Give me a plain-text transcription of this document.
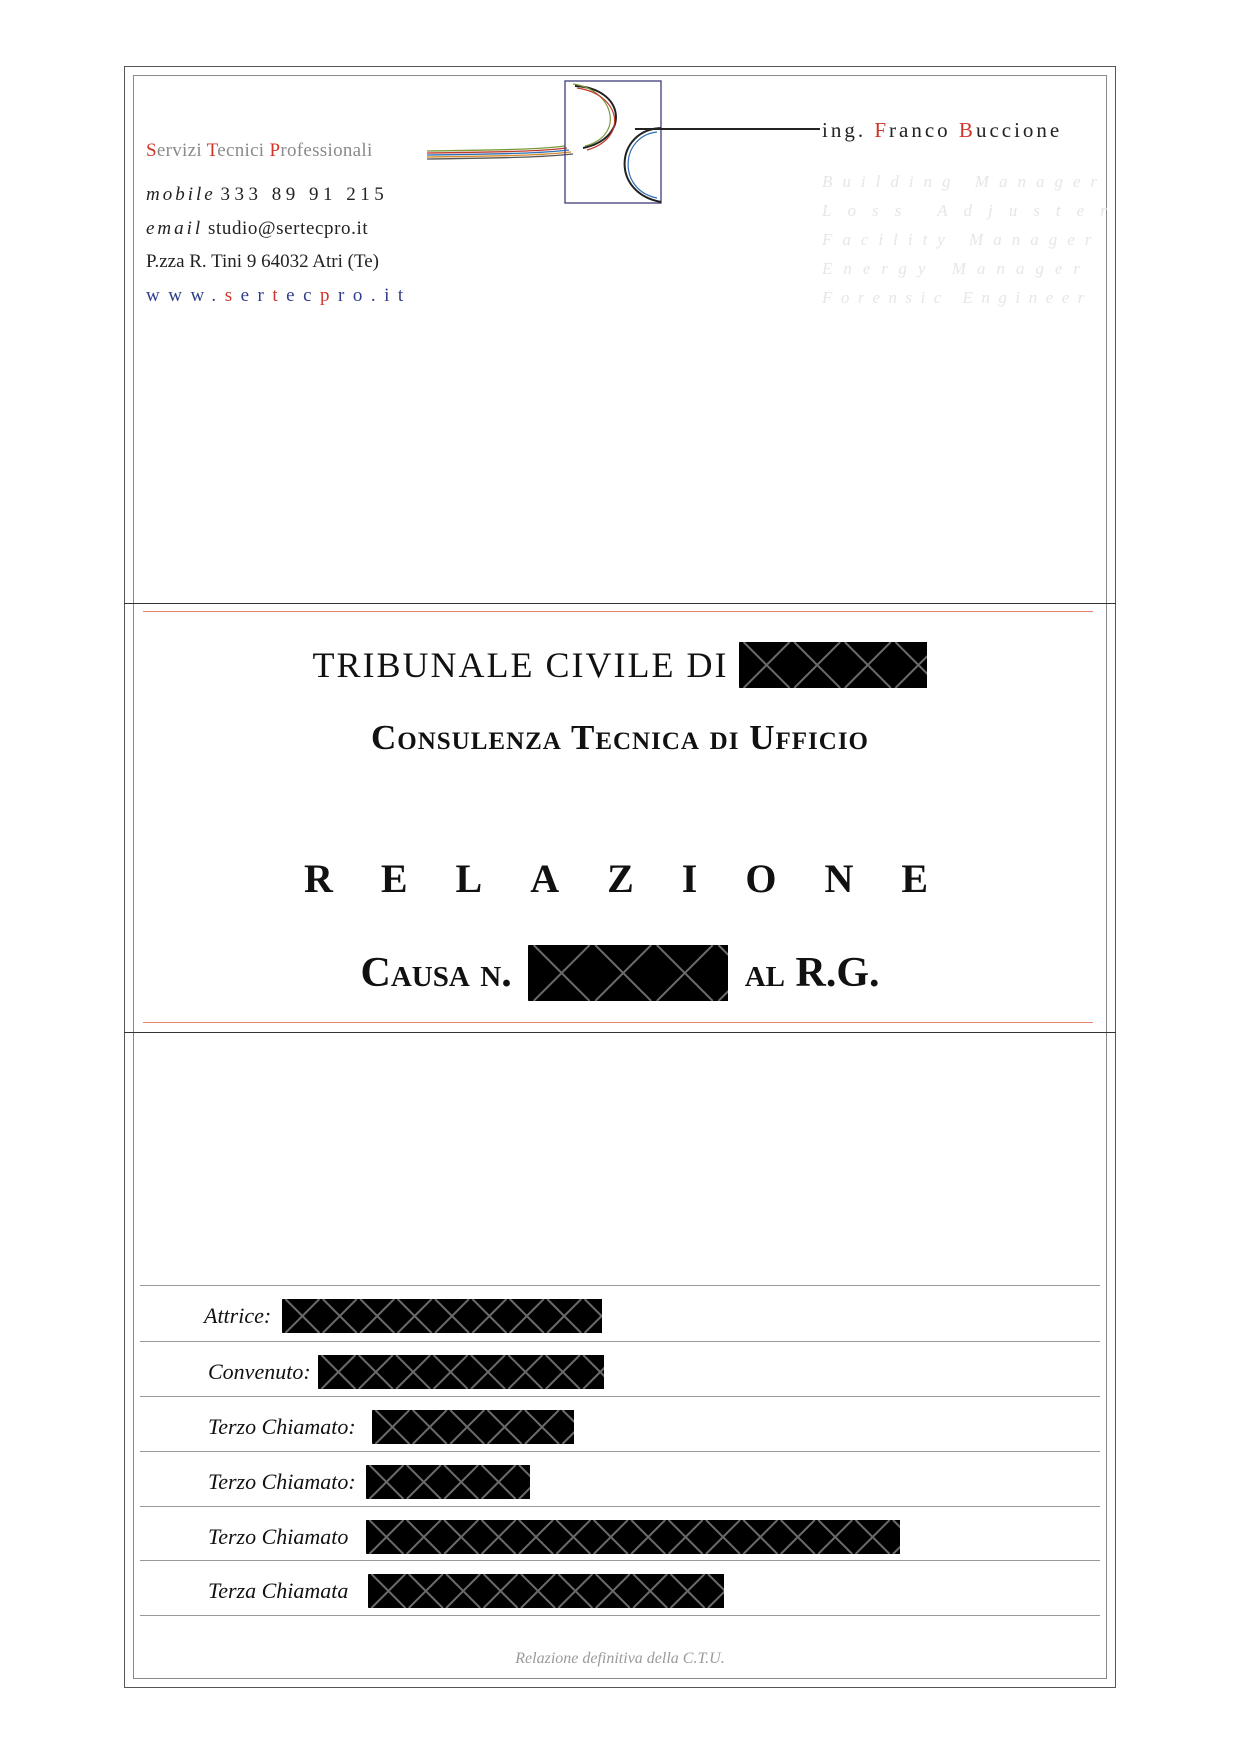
Servizi Tecnici Professionali
mobile 333 89 91 215
email studio@sertecpro.it
P.zza R. Tini 9 64032 Atri (Te)
www.sertecpro.it
ing. Franco Buccione
Building Manager
Loss Adjuster
Facility Manager
Energy Manager
Forensic Engineer
TRIBUNALE CIVILE DI
Consulenza Tecnica di Ufficio
RELAZIONE
Causa n.	al R.G.
Attrice:
Convenuto:
Terzo Chiamato:
Terzo Chiamato:
Terzo Chiamato
Terza Chiamata
Relazione definitiva della C.T.U.
